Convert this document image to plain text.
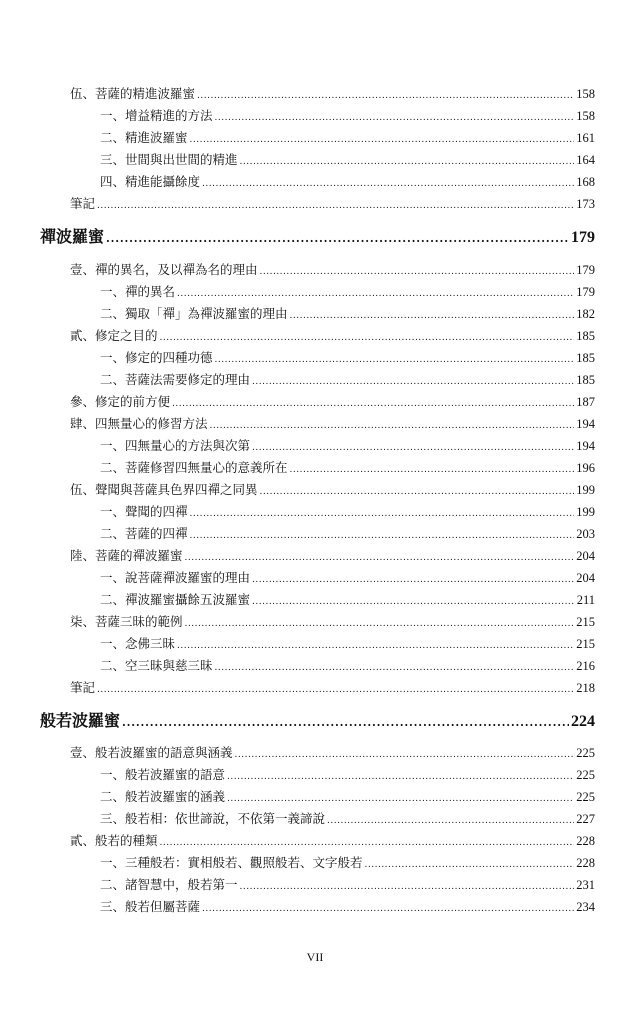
伍、菩薩的精進波羅蜜 .....	158
一、增益精進的方法 .....	158
二、精進波羅蜜 .....	161
三、世間與出世間的精進 .....	164
四、精進能攝餘度 .....	168
筆記 .....	173
禪波羅蜜 .....	179
壹、禪的異名，及以禪為名的理由 .....	179
一、禪的異名 .....	179
二、獨取「禪」為禪波羅蜜的理由 .....	182
貳、修定之目的 .....	185
一、修定的四種功德 .....	185
二、菩薩法需要修定的理由 .....	185
參、修定的前方便 .....	187
肆、四無量心的修習方法 .....	194
一、四無量心的方法與次第 .....	194
二、菩薩修習四無量心的意義所在 .....	196
伍、聲聞與菩薩具色界四禪之同異 .....	199
一、聲聞的四禪 .....	199
二、菩薩的四禪 .....	203
陸、菩薩的禪波羅蜜 .....	204
一、說菩薩禪波羅蜜的理由 .....	204
二、禪波羅蜜攝餘五波羅蜜 .....	211
柒、菩薩三昧的範例 .....	215
一、念佛三昧 .....	215
二、空三昧與慈三昧 .....	216
筆記 .....	218
般若波羅蜜 .....	224
壹、般若波羅蜜的語意與涵義 .....	225
一、般若波羅蜜的語意 .....	225
二、般若波羅蜜的涵義 .....	225
三、般若相：依世諦說，不依第一義諦說 .....	227
貳、般若的種類 .....	228
一、三種般若：實相般若、觀照般若、文字般若 .....	228
二、諸智慧中，般若第一 .....	231
三、般若但屬菩薩 .....	234
VII
